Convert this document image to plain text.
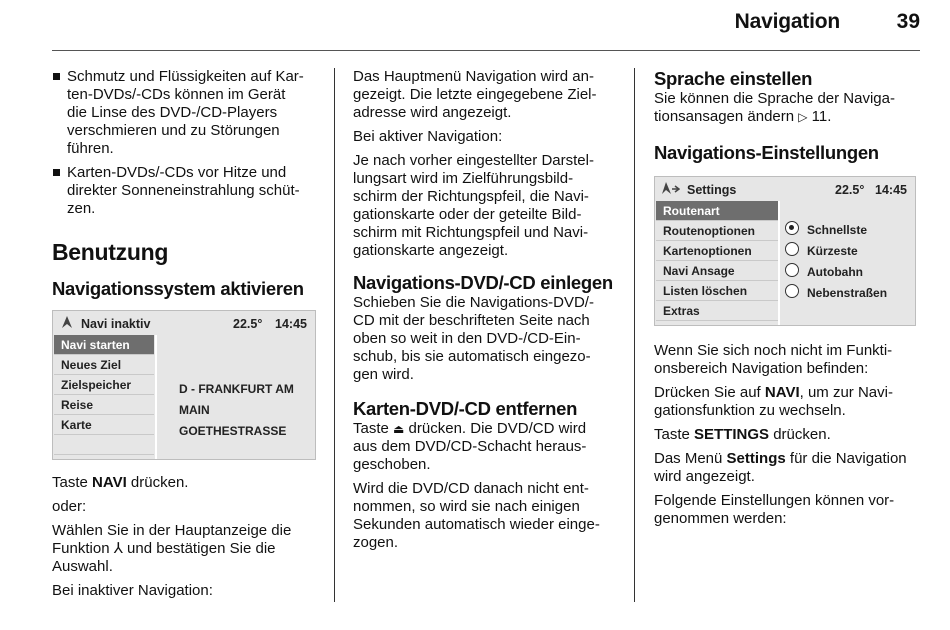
Navigation	39
Schmutz und Flüssigkeiten auf Kar-
ten-DVDs/-CDs können im Gerät
die Linse des DVD-/CD-Players
verschmieren und zu Störungen
führen.
Karten-DVDs/-CDs vor Hitze und
direkter Sonneneinstrahlung schüt-
zen.
Benutzung
Navigationssystem aktivieren
Navi inaktiv	22.5° 14:45
Navi starten
Neues Ziel
Zielspeicher
Reise
Karte
D - FRANKFURT AM MAIN
GOETHESTRASSE

Taste NAVI drücken.

oder:

Wählen Sie in der Hauptanzeige die
Funktion ⅄ und bestätigen Sie die
Auswahl.

Bei inaktiver Navigation:

Das Hauptmenü Navigation wird an-
gezeigt. Die letzte eingegebene Ziel-
adresse wird angezeigt.

Bei aktiver Navigation:

Je nach vorher eingestellter Darstel-
lungsart wird im Zielführungsbild-
schirm der Richtungspfeil, die Navi-
gationskarte oder der geteilte Bild-
schirm mit Richtungspfeil und Navi-
gationskarte angezeigt.

Navigations-DVD/-CD einlegen

Schieben Sie die Navigations-DVD/-
CD mit der beschrifteten Seite nach
oben so weit in den DVD-/CD-Ein-
schub, bis sie automatisch eingezo-
gen wird.

Karten-DVD/-CD entfernen

Taste ⏏ drücken. Die DVD/CD wird
aus dem DVD/CD-Schacht heraus-
geschoben.

Wird die DVD/CD danach nicht ent-
nommen, so wird sie nach einigen
Sekunden automatisch wieder einge-
zogen.

Sprache einstellen

Sie können die Sprache der Naviga-
tionsansagen ändern ▷ 11.

Navigations-Einstellungen
Settings	22.5° 14:45
Routenart
Routenoptionen
Kartenoptionen
Navi Ansage
Listen löschen
Extras
Schnellste
Kürzeste
Autobahn
Nebenstraßen

Wenn Sie sich noch nicht im Funkti-
onsbereich Navigation befinden:

Drücken Sie auf NAVI, um zur Navi-
gationsfunktion zu wechseln.

Taste SETTINGS drücken.

Das Menü Settings für die Navigation
wird angezeigt.

Folgende Einstellungen können vor-
genommen werden:
